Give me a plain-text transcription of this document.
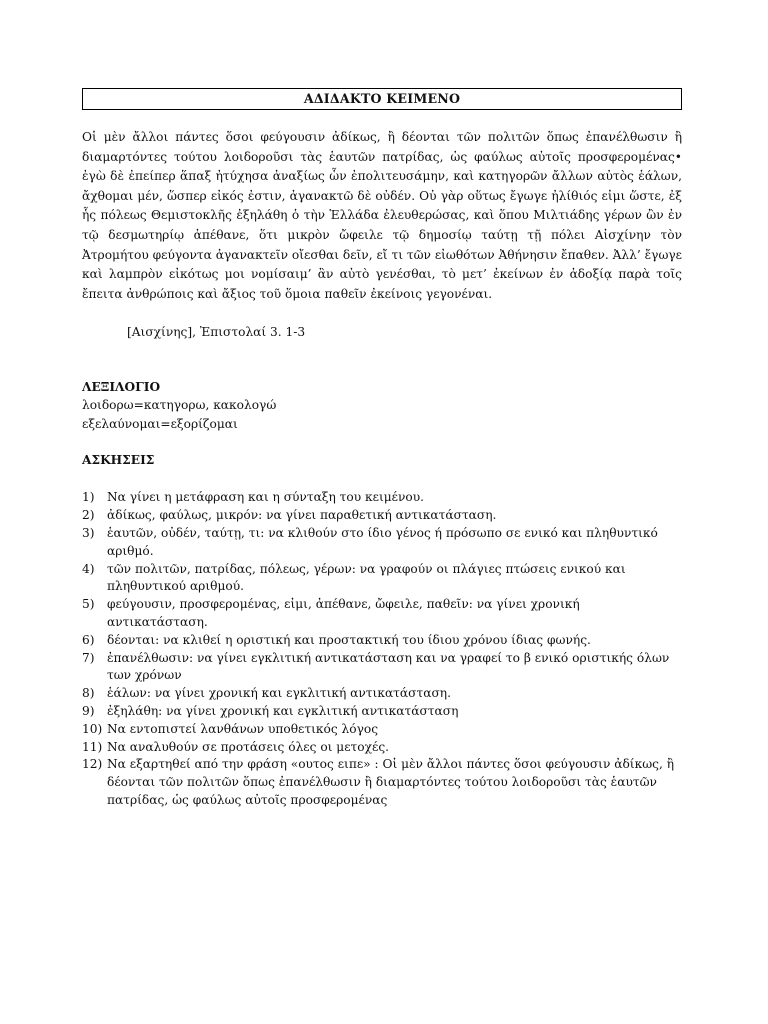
ΑΔΙΔΑΚΤΟ ΚΕΙΜΕΝΟ

Οἱ μὲν ἄλλοι πάντες ὅσοι φεύγουσιν ἀδίκως, ἢ δέονται τῶν πολιτῶν ὅπως ἐπανέλθωσιν ἢ διαμαρτόντες τούτου λοιδοροῦσι τὰς ἑαυτῶν πατρίδας, ὡς φαύλως αὐτοῖς προσφερομένας• ἐγὼ δὲ ἐπείπερ ἅπαξ ἠτύχησα ἀναξίως ὧν ἐπολιτευσάμην, καὶ κατηγορῶν ἄλλων αὐτὸς ἑάλων, ἄχθομαι μέν, ὥσπερ εἰκός ἐστιν, ἀγανακτῶ δὲ οὐδέν. Οὐ γὰρ οὕτως ἔγωγε ἠλίθιός εἰμι ὥστε, ἐξ ἧς πόλεως Θεμιστοκλῆς ἐξηλάθη ὁ τὴν Ἑλλάδα ἐλευθερώσας, καὶ ὅπου Μιλτιάδης γέρων ὢν ἐν τῷ δεσμωτηρίῳ ἀπέθανε, ὅτι μικρὸν ὤφειλε τῷ δημοσίῳ ταύτῃ τῇ πόλει Αἰσχίνην τὸν Ἀτρομήτου φεύγοντα ἀγανακτεῖν οἴεσθαι δεῖν, εἴ τι τῶν εἰωθότων Ἀθήνησιν ἔπαθεν. Ἀλλ’ ἔγωγε καὶ λαμπρὸν εἰκότως μοι νομίσαιμ’ ἂν αὐτὸ γενέσθαι, τὸ μετ’ ἐκείνων ἐν ἀδοξίᾳ παρὰ τοῖς ἔπειτα ἀνθρώποις καὶ ἄξιος τοῦ ὅμοια παθεῖν ἐκείνοις γεγονέναι.

[Αισχίνης], Ἐπιστολαί 3. 1-3
ΛΕΞΙΛΟΓΙΟ
λοιδορω=κατηγορω, κακολογώ
εξελαύνομαι=εξορίζομαι
ΑΣΚΗΣΕΙΣ
1) Να γίνει η μετάφραση και η σύνταξη του κειμένου.
2) ἀδίκως, φαύλως, μικρόν: να γίνει παραθετική αντικατάσταση.
3) ἑαυτῶν, οὐδέν, ταύτῃ, τι: να κλιθούν στο ίδιο γένος ή πρόσωπο σε ενικό και πληθυντικό αριθμό.
4) τῶν πολιτῶν, πατρίδας, πόλεως, γέρων: να γραφούν οι πλάγιες πτώσεις ενικού και πληθυντικού αριθμού.
5) φεύγουσιν, προσφερομένας, εἰμι, ἀπέθανε, ὤφειλε, παθεῖν: να γίνει χρονική αντικατάσταση.
6) δέονται: να κλιθεί η οριστική και προστακτική του ίδιου χρόνου ίδιας φωνής.
7) ἐπανέλθωσιν: να γίνει εγκλιτική αντικατάσταση και να γραφεί το β ενικό οριστικής όλων των χρόνων
8) ἑάλων: να γίνει χρονική και εγκλιτική αντικατάσταση.
9) ἐξηλάθη: να γίνει χρονική και εγκλιτική αντικατάσταση
10) Να εντοπιστεί λανθάνων υποθετικός λόγος
11) Να αναλυθούν σε προτάσεις όλες οι μετοχές.
12) Να εξαρτηθεί από την φράση «ουτος ειπε» : Οἱ μὲν ἄλλοι πάντες ὅσοι φεύγουσιν ἀδίκως, ἢ δέονται τῶν πολιτῶν ὅπως ἐπανέλθωσιν ἢ διαμαρτόντες τούτου λοιδοροῦσι τὰς ἑαυτῶν πατρίδας, ὡς φαύλως αὐτοῖς προσφερομένας
